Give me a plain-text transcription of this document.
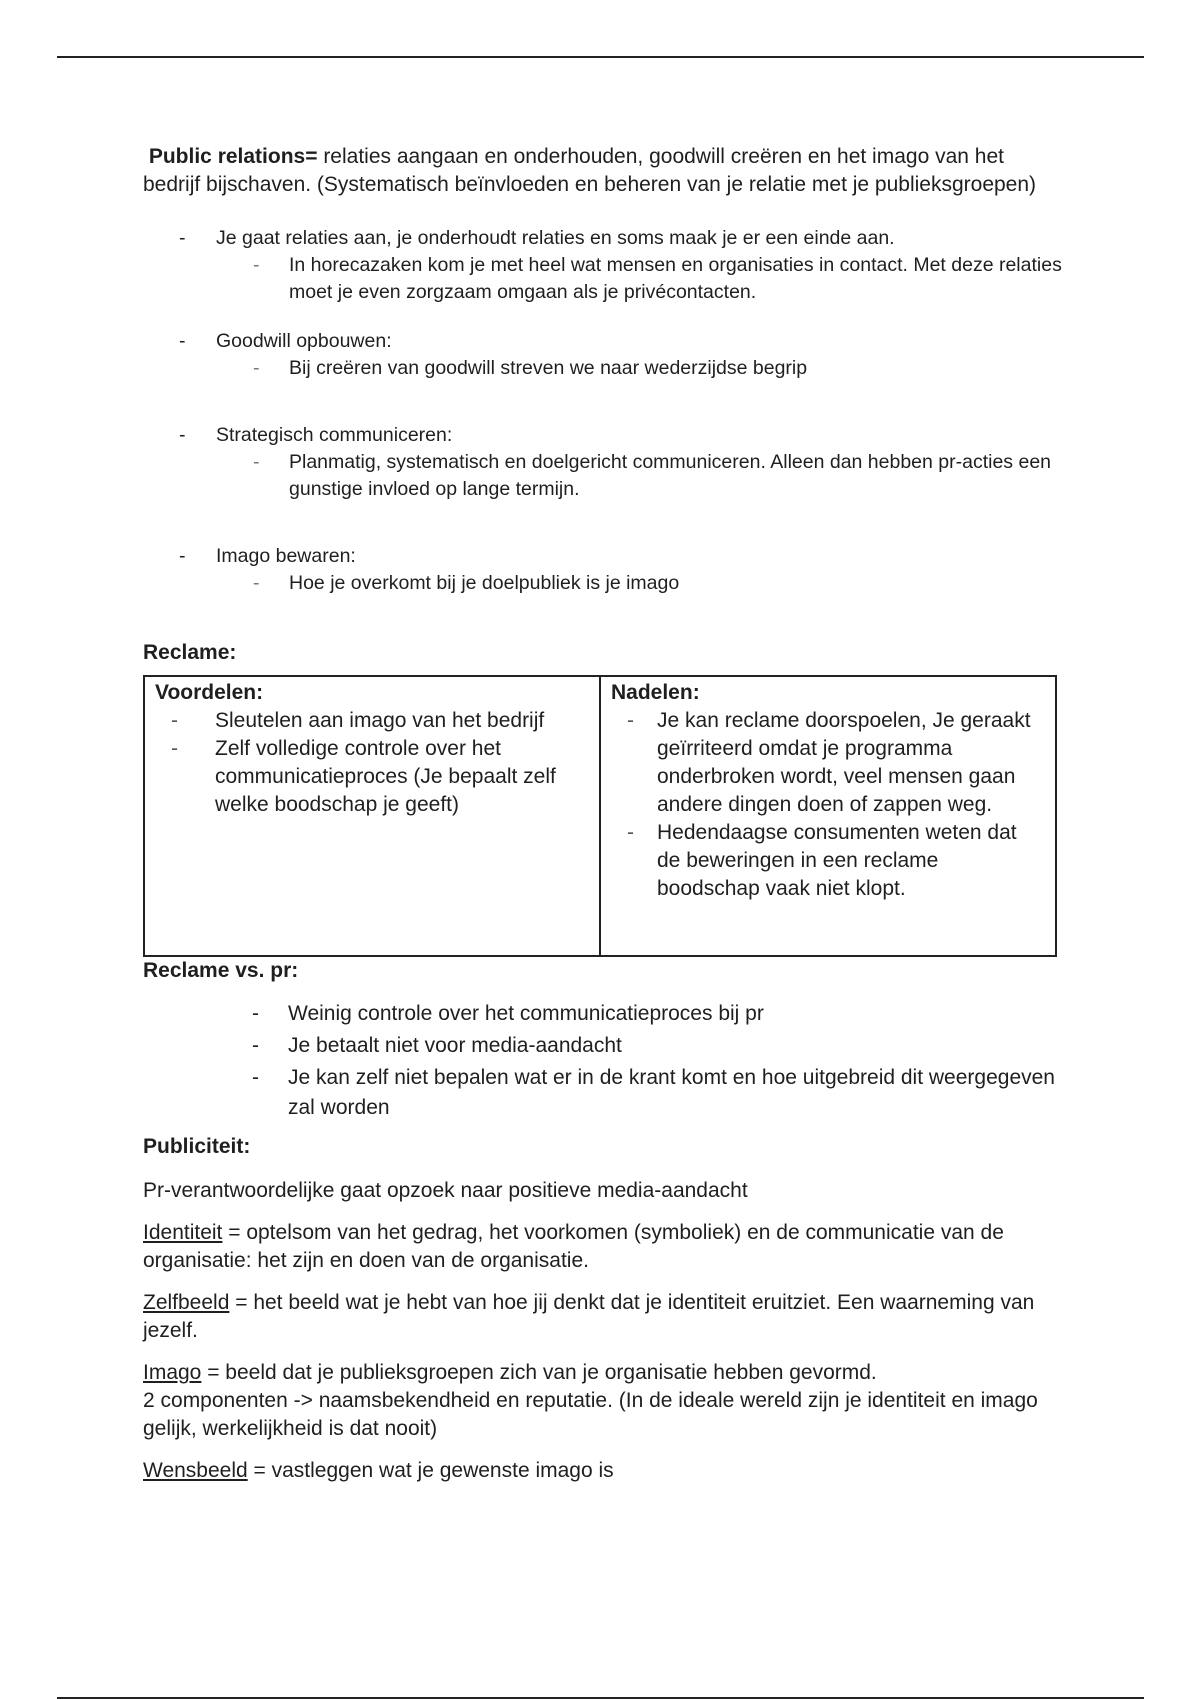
Public relations= relaties aangaan en onderhouden, goodwill creëren en het imago van het bedrijf bijschaven. (Systematisch beïnvloeden en beheren van je relatie met je publieksgroepen)

- Je gaat relaties aan, je onderhoudt relaties en soms maak je er een einde aan.
- In horecazaken kom je met heel wat mensen en organisaties in contact. Met deze relaties moet je even zorgzaam omgaan als je privécontacten.
- Goodwill opbouwen:
- Bij creëren van goodwill streven we naar wederzijdse begrip
- Strategisch communiceren:
- Planmatig, systematisch en doelgericht communiceren. Alleen dan hebben pr-acties een gunstige invloed op lange termijn.
- Imago bewaren:
- Hoe je overkomt bij je doelpubliek is je imago

Reclame:

Voordelen:
- Sleutelen aan imago van het bedrijf
- Zelf volledige controle over het communicatieproces (Je bepaalt zelf welke boodschap je geeft)

Nadelen:
- Je kan reclame doorspoelen, Je geraakt geïrriteerd omdat je programma onderbroken wordt, veel mensen gaan andere dingen doen of zappen weg.
- Hedendaagse consumenten weten dat de beweringen in een reclame boodschap vaak niet klopt.

Reclame vs. pr:

- Weinig controle over het communicatieproces bij pr
- Je betaalt niet voor media-aandacht
- Je kan zelf niet bepalen wat er in de krant komt en hoe uitgebreid dit weergegeven zal worden

Publiciteit:

Pr-verantwoordelijke gaat opzoek naar positieve media-aandacht

Identiteit = optelsom van het gedrag, het voorkomen (symboliek) en de communicatie van de organisatie: het zijn en doen van de organisatie.

Zelfbeeld = het beeld wat je hebt van hoe jij denkt dat je identiteit eruitziet. Een waarneming van jezelf.

Imago = beeld dat je publieksgroepen zich van je organisatie hebben gevormd.
2 componenten -> naamsbekendheid en reputatie. (In de ideale wereld zijn je identiteit en imago gelijk, werkelijkheid is dat nooit)

Wensbeeld = vastleggen wat je gewenste imago is
